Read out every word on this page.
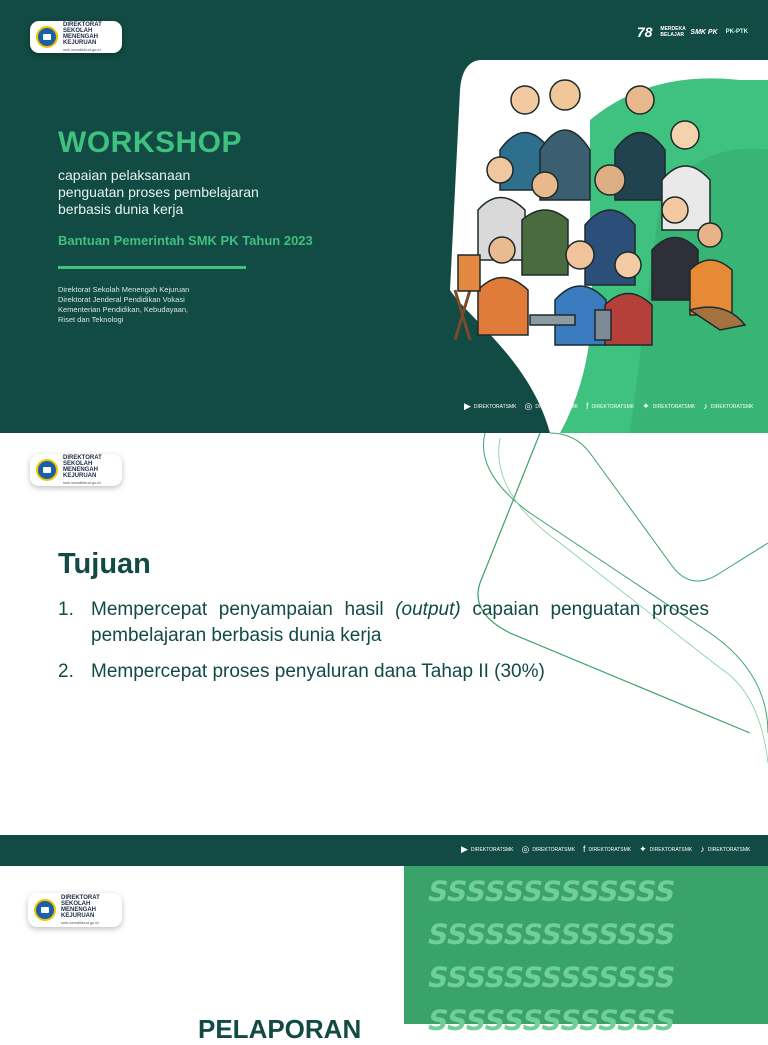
DIREKTORAT
SEKOLAH MENENGAH
KEJURUAN
smk.kemdikbud.go.id
78 MERDEKA BELAJAR SMK PK PK-PTK
WORKSHOP
capaian pelaksanaan
penguatan proses pembelajaran
berbasis dunia kerja
Bantuan Pemerintah SMK PK Tahun 2023
Direktorat Sekolah Menengah Kejuruan
Direktorat Jenderal Pendidikan Vokasi
Kementerian Pendidikan, Kebudayaan,
Riset dan Teknologi
▶ DIREKTORATSMK ◎ DIREKTORATSMK f DIREKTORATSMK ✦ DIREKTORATSMK ♪ DIREKTORATSMK
DIREKTORAT
SEKOLAH MENENGAH
KEJURUAN
smk.kemdikbud.go.id
Tujuan
1. Mempercepat penyampaian hasil (output) capaian penguatan proses pembelajaran berbasis dunia kerja
2. Mempercepat proses penyaluran dana Tahap II (30%)
▶ DIREKTORATSMK ◎ DIREKTORATSMK f DIREKTORATSMK ✦ DIREKTORATSMK ♪ DIREKTORATSMK
DIREKTORAT
SEKOLAH MENENGAH
KEJURUAN
smk.kemdikbud.go.id
SSSSSSSSSSSSS
SSSSSSSSSSSSS
SSSSSSSSSSSSS
SSSSSSSSSSSSS
PELAPORAN
